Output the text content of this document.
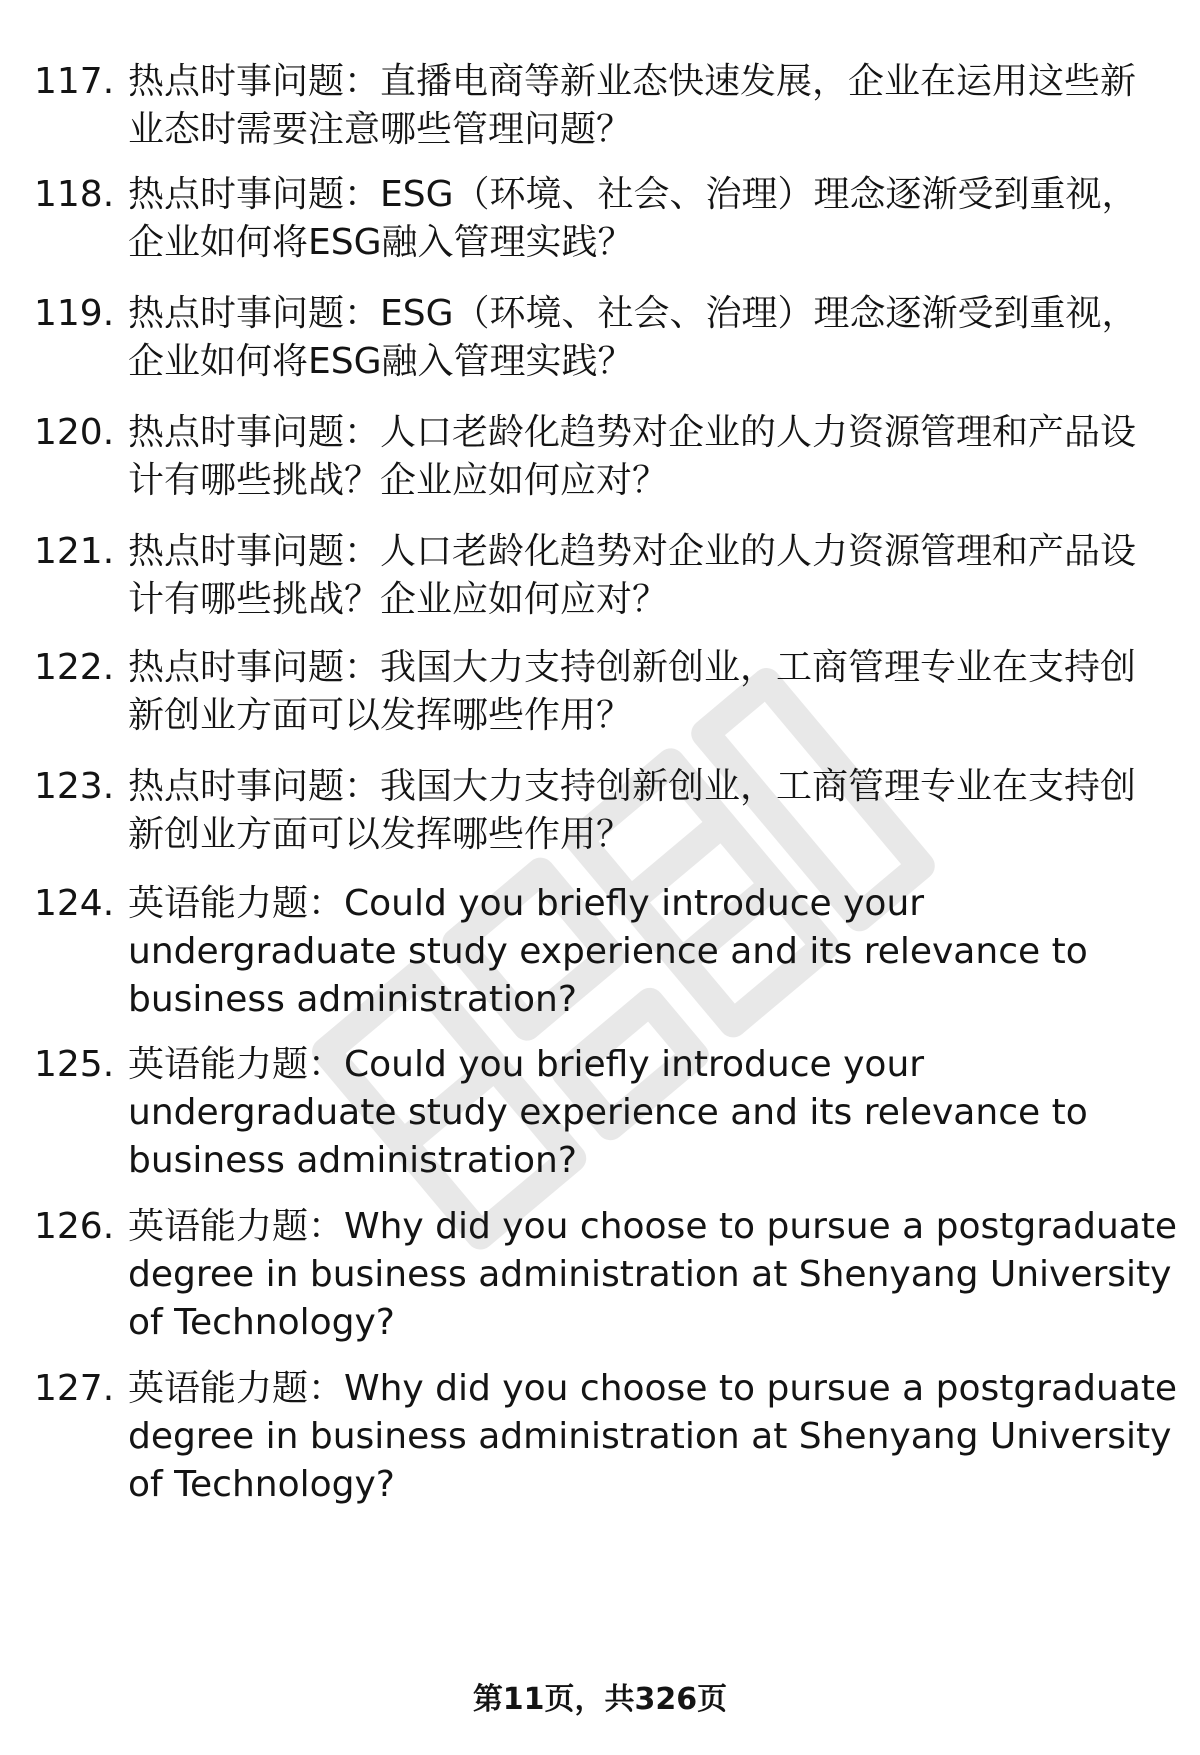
117. 热点时事问题：直播电商等新业态快速发展，企业在运用这些新
业态时需要注意哪些管理问题？
118. 热点时事问题：ESG（环境、社会、治理）理念逐渐受到重视，
企业如何将ESG融入管理实践？
119. 热点时事问题：ESG（环境、社会、治理）理念逐渐受到重视，
企业如何将ESG融入管理实践？
120. 热点时事问题：人口老龄化趋势对企业的人力资源管理和产品设
计有哪些挑战？企业应如何应对？
121. 热点时事问题：人口老龄化趋势对企业的人力资源管理和产品设
计有哪些挑战？企业应如何应对？
122. 热点时事问题：我国大力支持创新创业，工商管理专业在支持创
新创业方面可以发挥哪些作用？
123. 热点时事问题：我国大力支持创新创业，工商管理专业在支持创
新创业方面可以发挥哪些作用？
124. 英语能力题：Could you briefly introduce your
undergraduate study experience and its relevance to
business administration?
125. 英语能力题：Could you briefly introduce your
undergraduate study experience and its relevance to
business administration?
126. 英语能力题：Why did you choose to pursue a postgraduate
degree in business administration at Shenyang University
of Technology?
127. 英语能力题：Why did you choose to pursue a postgraduate
degree in business administration at Shenyang University
of Technology?
第11页，共326页
